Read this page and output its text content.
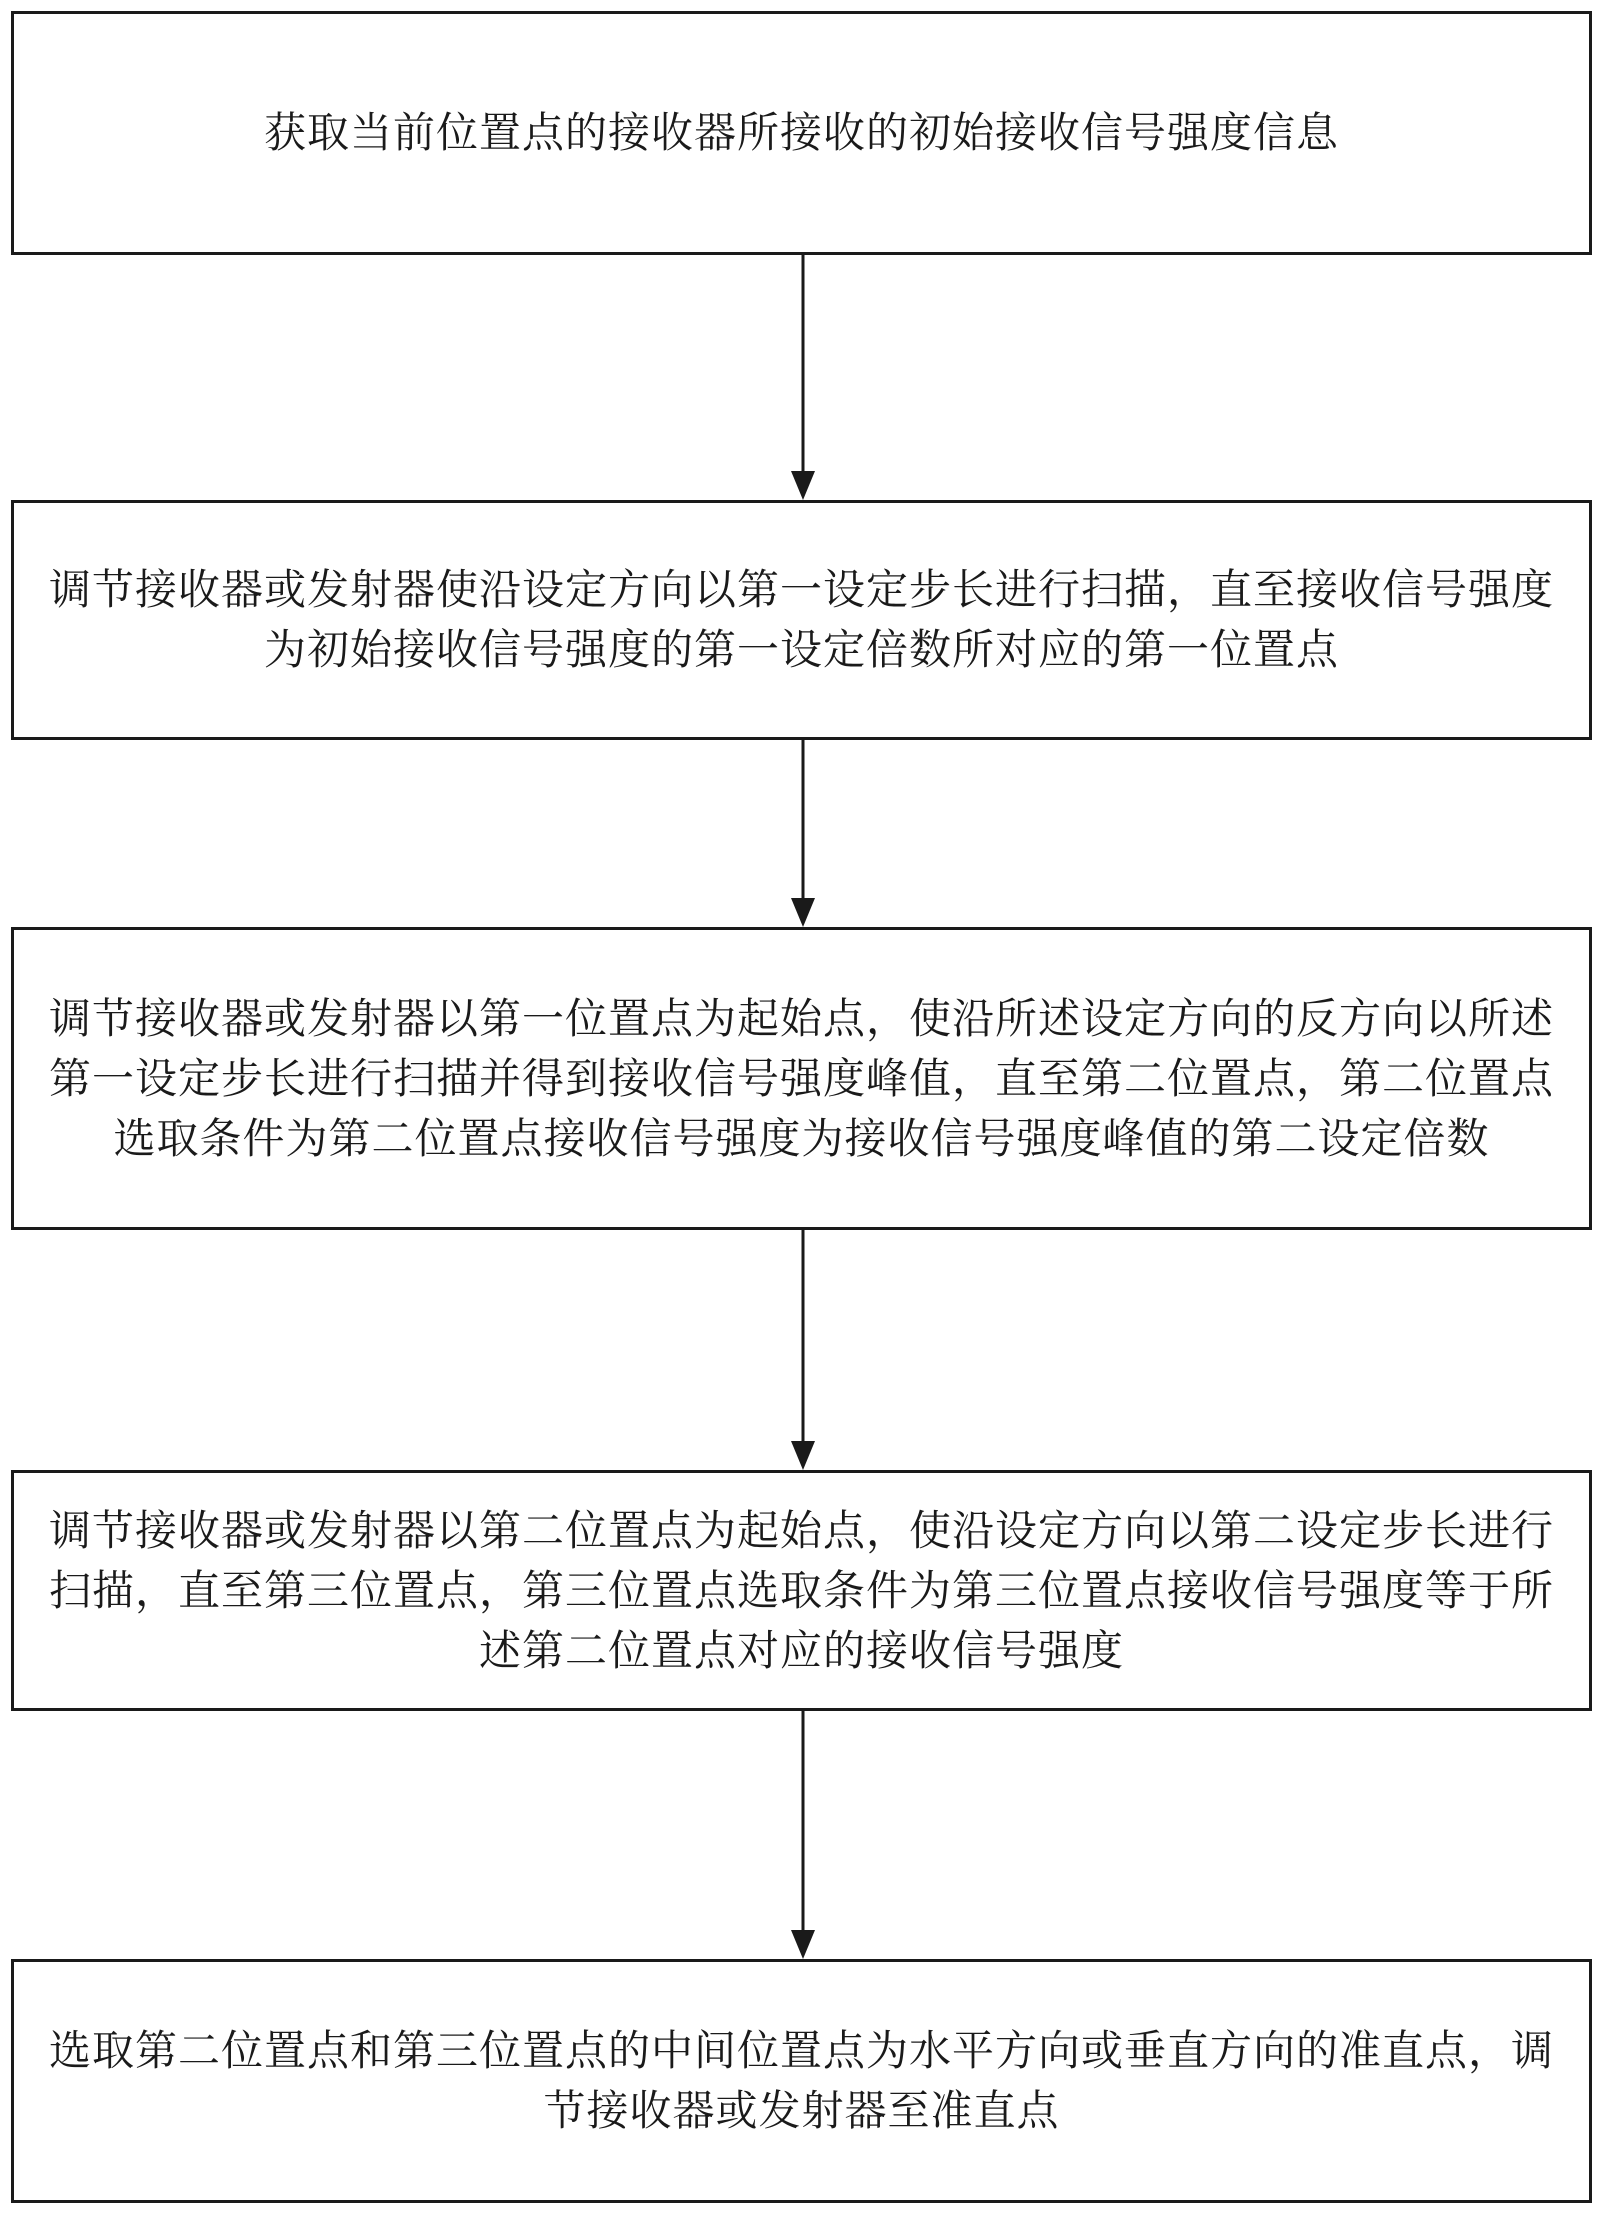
获取当前位置点的接收器所接收的初始接收信号强度信息
调节接收器或发射器使沿设定方向以第一设定步长进行扫描，直至接收信号强度为初始接收信号强度的第一设定倍数所对应的第一位置点
调节接收器或发射器以第一位置点为起始点，使沿所述设定方向的反方向以所述第一设定步长进行扫描并得到接收信号强度峰值，直至第二位置点，第二位置点选取条件为第二位置点接收信号强度为接收信号强度峰值的第二设定倍数
调节接收器或发射器以第二位置点为起始点，使沿设定方向以第二设定步长进行扫描，直至第三位置点，第三位置点选取条件为第三位置点接收信号强度等于所述第二位置点对应的接收信号强度
选取第二位置点和第三位置点的中间位置点为水平方向或垂直方向的准直点，调节接收器或发射器至准直点
